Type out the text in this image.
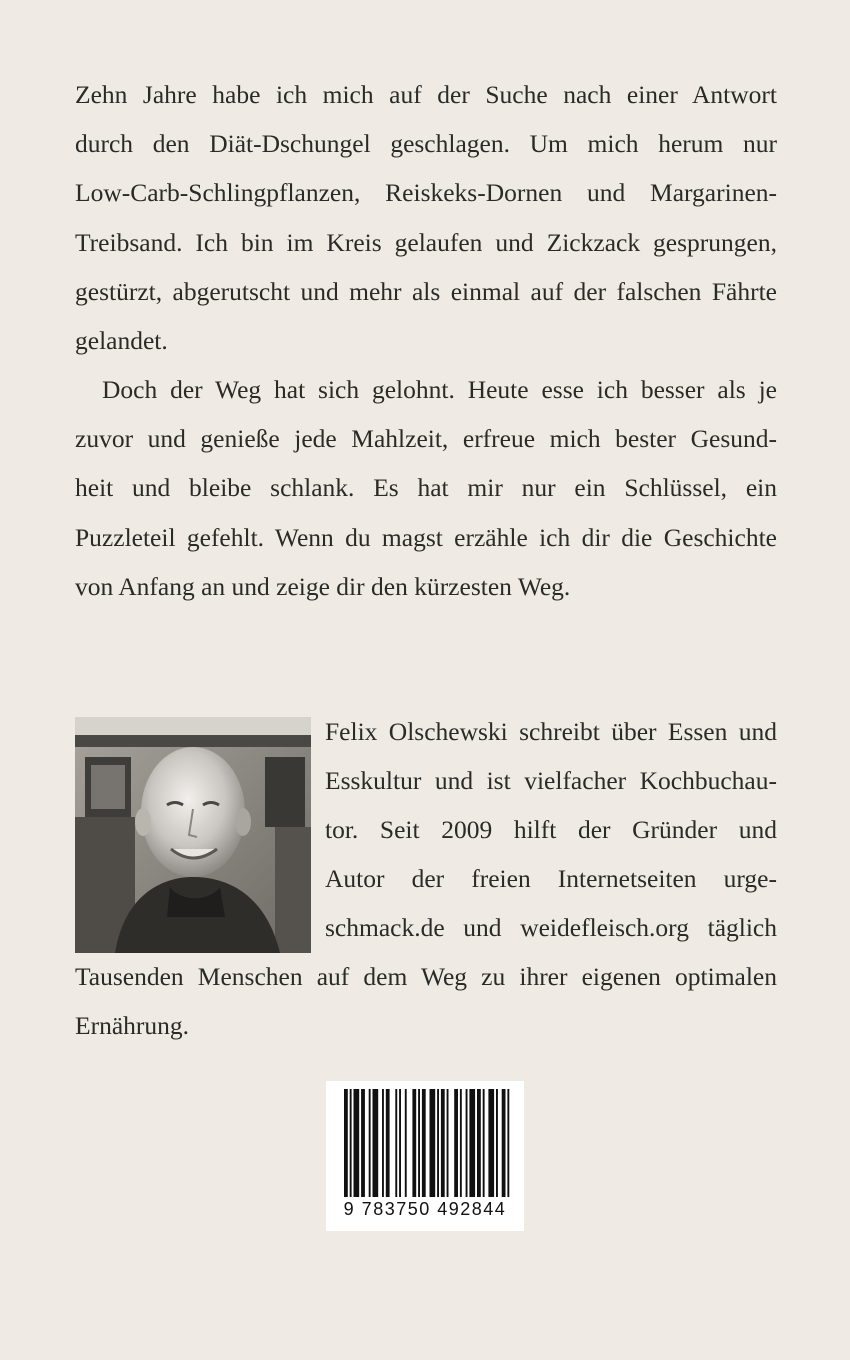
Zehn Jahre habe ich mich auf der Suche nach einer Antwort
durch den Diät-Dschungel geschlagen. Um mich herum nur
Low-Carb-Schlingpflanzen, Reiskeks-Dornen und Margarinen-
Treibsand. Ich bin im Kreis gelaufen und Zickzack gesprungen,
gestürzt, abgerutscht und mehr als einmal auf der falschen Fährte
gelandet.
Doch der Weg hat sich gelohnt. Heute esse ich besser als je
zuvor und genieße jede Mahlzeit, erfreue mich bester Gesund-
heit und bleibe schlank. Es hat mir nur ein Schlüssel, ein
Puzzleteil gefehlt. Wenn du magst erzähle ich dir die Geschichte
von Anfang an und zeige dir den kürzesten Weg.
Felix Olschewski schreibt über Essen und
Esskultur und ist vielfacher Kochbuchau-
tor. Seit 2009 hilft der Gründer und
Autor der freien Internetseiten urge-
schmack.de und weidefleisch.org täglich
Tausenden Menschen auf dem Weg zu ihrer eigenen optimalen
Ernährung.
9 783750 492844
